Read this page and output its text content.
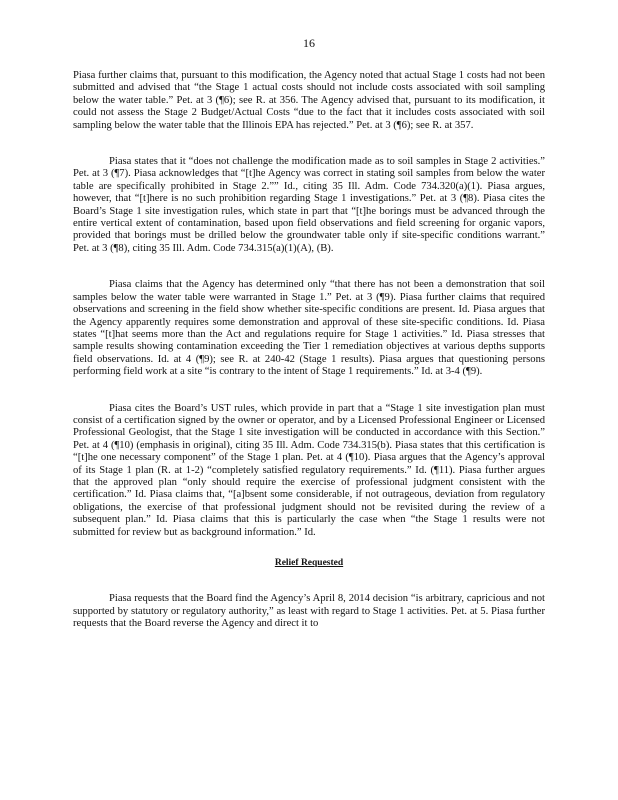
16

Piasa further claims that, pursuant to this modification, the Agency noted that actual Stage 1 costs had not been submitted and advised that “the Stage 1 actual costs should not include costs associated with soil sampling below the water table.” Pet. at 3 (¶6); see R. at 356. The Agency advised that, pursuant to its modification, it could not assess the Stage 2 Budget/Actual Costs “due to the fact that it includes costs associated with soil sampling below the water table that the Illinois EPA has rejected.” Pet. at 3 (¶6); see R. at 357.

Piasa states that it “does not challenge the modification made as to soil samples in Stage 2 activities.” Pet. at 3 (¶7). Piasa acknowledges that “[t]he Agency was correct in stating soil samples from below the water table are specifically prohibited in Stage 2.”” Id., citing 35 Ill. Adm. Code 734.320(a)(1). Piasa argues, however, that “[t]here is no such prohibition regarding Stage 1 investigations.” Pet. at 3 (¶8). Piasa cites the Board’s Stage 1 site investigation rules, which state in part that “[t]he borings must be advanced through the entire vertical extent of contamination, based upon field observations and field screening for organic vapors, provided that borings must be drilled below the groundwater table only if site-specific conditions warrant.” Pet. at 3 (¶8), citing 35 Ill. Adm. Code 734.315(a)(1)(A), (B).

Piasa claims that the Agency has determined only “that there has not been a demonstration that soil samples below the water table were warranted in Stage 1.” Pet. at 3 (¶9). Piasa further claims that required observations and screening in the field show whether site-specific conditions are present. Id. Piasa argues that the Agency apparently requires some demonstration and approval of these site-specific conditions. Id. Piasa states “[t]hat seems more than the Act and regulations require for Stage 1 activities.” Id. Piasa stresses that sample results showing contamination exceeding the Tier 1 remediation objectives at various depths supports field observations. Id. at 4 (¶9); see R. at 240-42 (Stage 1 results). Piasa argues that questioning persons performing field work at a site “is contrary to the intent of Stage 1 requirements.” Id. at 3-4 (¶9).

Piasa cites the Board’s UST rules, which provide in part that a “Stage 1 site investigation plan must consist of a certification signed by the owner or operator, and by a Licensed Professional Engineer or Licensed Professional Geologist, that the Stage 1 site investigation will be conducted in accordance with this Section.” Pet. at 4 (¶10) (emphasis in original), citing 35 Ill. Adm. Code 734.315(b). Piasa states that this certification is “[t]he one necessary component” of the Stage 1 plan. Pet. at 4 (¶10). Piasa argues that the Agency’s approval of its Stage 1 plan (R. at 1-2) “completely satisfied regulatory requirements.” Id. (¶11). Piasa further argues that the approved plan “only should require the exercise of professional judgment consistent with the certification.” Id. Piasa claims that, “[a]bsent some considerable, if not outrageous, deviation from regulatory obligations, the exercise of that professional judgment should not be revisited during the review of a subsequent plan.” Id. Piasa claims that this is particularly the case when “the Stage 1 results were not submitted for review but as background information.” Id.

Relief Requested

Piasa requests that the Board find the Agency’s April 8, 2014 decision “is arbitrary, capricious and not supported by statutory or regulatory authority,” as least with regard to Stage 1 activities. Pet. at 5. Piasa further requests that the Board reverse the Agency and direct it to
